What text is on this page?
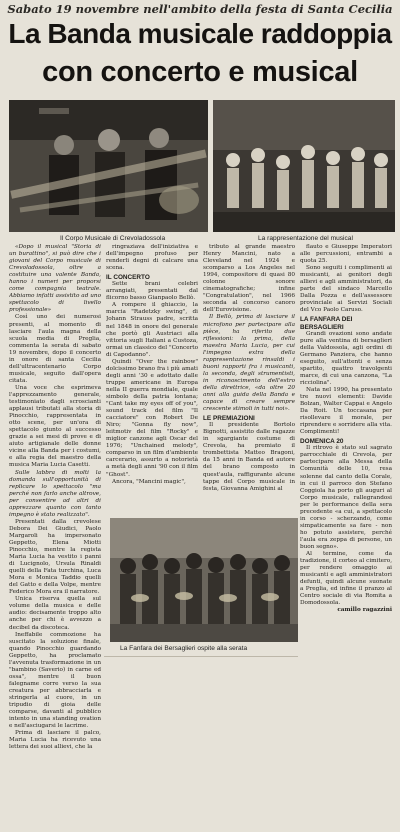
Sabato 19 novembre nell'ambito della festa di Santa Cecilia
La Banda musicale raddoppia
con concerto e musical
Il Corpo Musicale di Crevoladossola	La rappresentazione del musical

«Dopo il musical "Storia di un burattino", si può dire che i giovani del Corpo musicale di Crevoladossola, oltre a costituire una valente Banda, hanno i numeri per proporsi come compagnia teatrale. Abbiamo infatti assistito ad uno spettacolo di livello professionale»

Così uno dei numerosi presenti, al momento di lasciare l'aula magna della scuola media di Preglia, commenta la serata di sabato 19 novembre, dopo il concerto in onore di santa Cecilia dell'ultracentenario Corpo musicale, seguito dall'opera citata.

Una voce che esprimeva l'apprezzamento generale, testimoniato dagli scroscianti applausi tributati alla storia di Pinocchio, rappresentata in otto scene, per un'ora di spettacolo giunto al successo grazie a sei mesi di prove e di aiuto artigianale delle donne vicine alla Banda per i costumi, e alla regia del maestro della musica Maria Lucia Casetti.

Sulle labbra di molti la domanda sull'opportunità di replicare lo spettacolo "ma perché non farlo anche altrove, per consentire ad altri di apprezzare quanto con tanto impegno è stato realizzato".

Presentati dalla crevolese Debora Dei Giudici, Paolo Margaroli ha impersonato Geppetto, Elena Miotti Pinocchio, mentre la regista Maria Lucia ha vestito i panni di Lucignolo, Ursula Rinaldi quelli della Fata turchina, Luca Mora e Monica Taddio quelli del Gatto e della Volpe, mentre Federico Mora era il narratore.

Unica riserva quella sul volume della musica e delle audio: decisamente troppo alto anche per chi è avvezzo a decibel da discoteca.

Ineffabile commozione ha suscitato la soluzione finale, quando Pinocchio guardando Geppetto, ha proclamato l'avvenuta trasformazione in un "bambino (Saverio) in carne ed ossa", mentre il buon falegname corre verso la sua creatura per abbracciarla e stringerla al cuore, in un tripudio di gioia delle comparse, davanti al pubblico intento in una standing ovation e nell'asciugarsi le lacrime.

Prima di lasciare il palco, Maria Lucia ha ricevuto una lettera dei suoi allievi, che la

ringraziava dell'iniziativa e dell'impegno profuso per renderli degni di calcare una scena.

IL CONCERTO

Sette brani celebri arrangiati, presentati dal flicorno basso Gianpaolo Bellò.

A rompere il ghiaccio, la marcia "Radetzky swing", di Johann Strauss padre, scritta nel 1848 in onore del generale che portò gli Austriaci alla vittoria sugli Italiani a Custoza, ormai un classico del "Concerto di Capodanno".

Quindi "Over the rainbow" dolcissimo brano fra i più amati degli anni '30 e adottato dalle truppe americane in Europa nella II guerra mondiale, quale simbolo della patria lontana; "Cant take my eyes off of you", sound track del film "Il cacciatore" con Robert De Niro; "Gonna fly now", leitmotiv del film "Rocky" e miglior canzone agli Oscar del 1976; "Unchained melody", comparso in un film d'ambiente carcerario, assurto a notorietà a metà degli anni '90 con il film "Ghost".

Ancora, "Mancini magic",

tributo al grande maestro Henry Mancini, nato a Cleveland nel 1924 e scomparso a Los Angeles nel 1994, compositore di quasi 80 colonne sonore cinematografiche; infine "Congratulation", nel 1966 seconda al concorso canoro dell'Eurovisione.

Il Bellò, prima di lasciare il microfono per partecipare alla pièce, ha riferito due riflessioni: la prima, della maestra Maria Lucia, per cui l'impegno extra della rappresentazione rinsaldi i buoni rapporti fra i musicanti, la seconda, degli strumentisti, in riconoscimento dell'estro della direttrice, «da oltre 20 anni alla guida della Banda e capace di creare sempre crescente stimoli in tutti noi».

LE PREMIAZIONI

Il presidente Bortolo Bignotti, assistito dalle ragazze in sgargiante costume di Crevola, ha premiato il trombettista Matteo Bragoni, da 15 anni in Banda ed autore del brano composto in quest'aula, raffigurante alcune tappe del Corpo musicale in festa, Giovanna Amighini al

La Fanfara dei Bersaglieri ospite alla serata

flauto e Giuseppe Imperatori alle percussioni, entrambi a quota 25.

Sono seguiti i complimenti ai musicanti, ai genitori degli allievi e agli amministratori, da parte del sindaco Marcello Dalla Pozza e dell'assessore provinciale ai Servizi Sociali del Vco Paolo Caruso.

LA FANFARA DEI BERSAGLIERI

Grandi ovazioni sono andate pure alla ventina di bersaglieri della Valdossola, agli ordini di Germano Panziera, che hanno eseguito, sull'attenti e senza spartito, quattro travolgenti marce, di cui una canzona, "La ricciolina".

Nata nel 1990, ha presentato tre nuovi elementi: Davide Bolzan, Walter Cappai e Angelo Da Roit. Un toccasana per risollevare il morale, per riprendere e sorridere alla vita. Complimenti!

DOMENICA 20

Il ritrovo è stato sul sagrato parrocchiale di Crevola, per partecipare alla Messa della Comunità delle 10, resa solenne dal canto della Corale, in cui il parroco don Stefano Coggiola ha porto gli auguri al Corpo musicale, rallegrandosi per le performance della sera precedente «a cui, a spettacolo in corso - scherzando, come simpaticamente sa fare - non ho potuto assistere, perché l'aula era zeppa di persone, un buon segno».

Al termine, come da tradizione, il corteo al cimitero, per rendere omaggio ai musicanti e agli amministratori defunti, quindi alcune suonate a Preglia, ed infine il pranzo al Centro sociale di via Romita a Domodossola.

camillo ragazzini
